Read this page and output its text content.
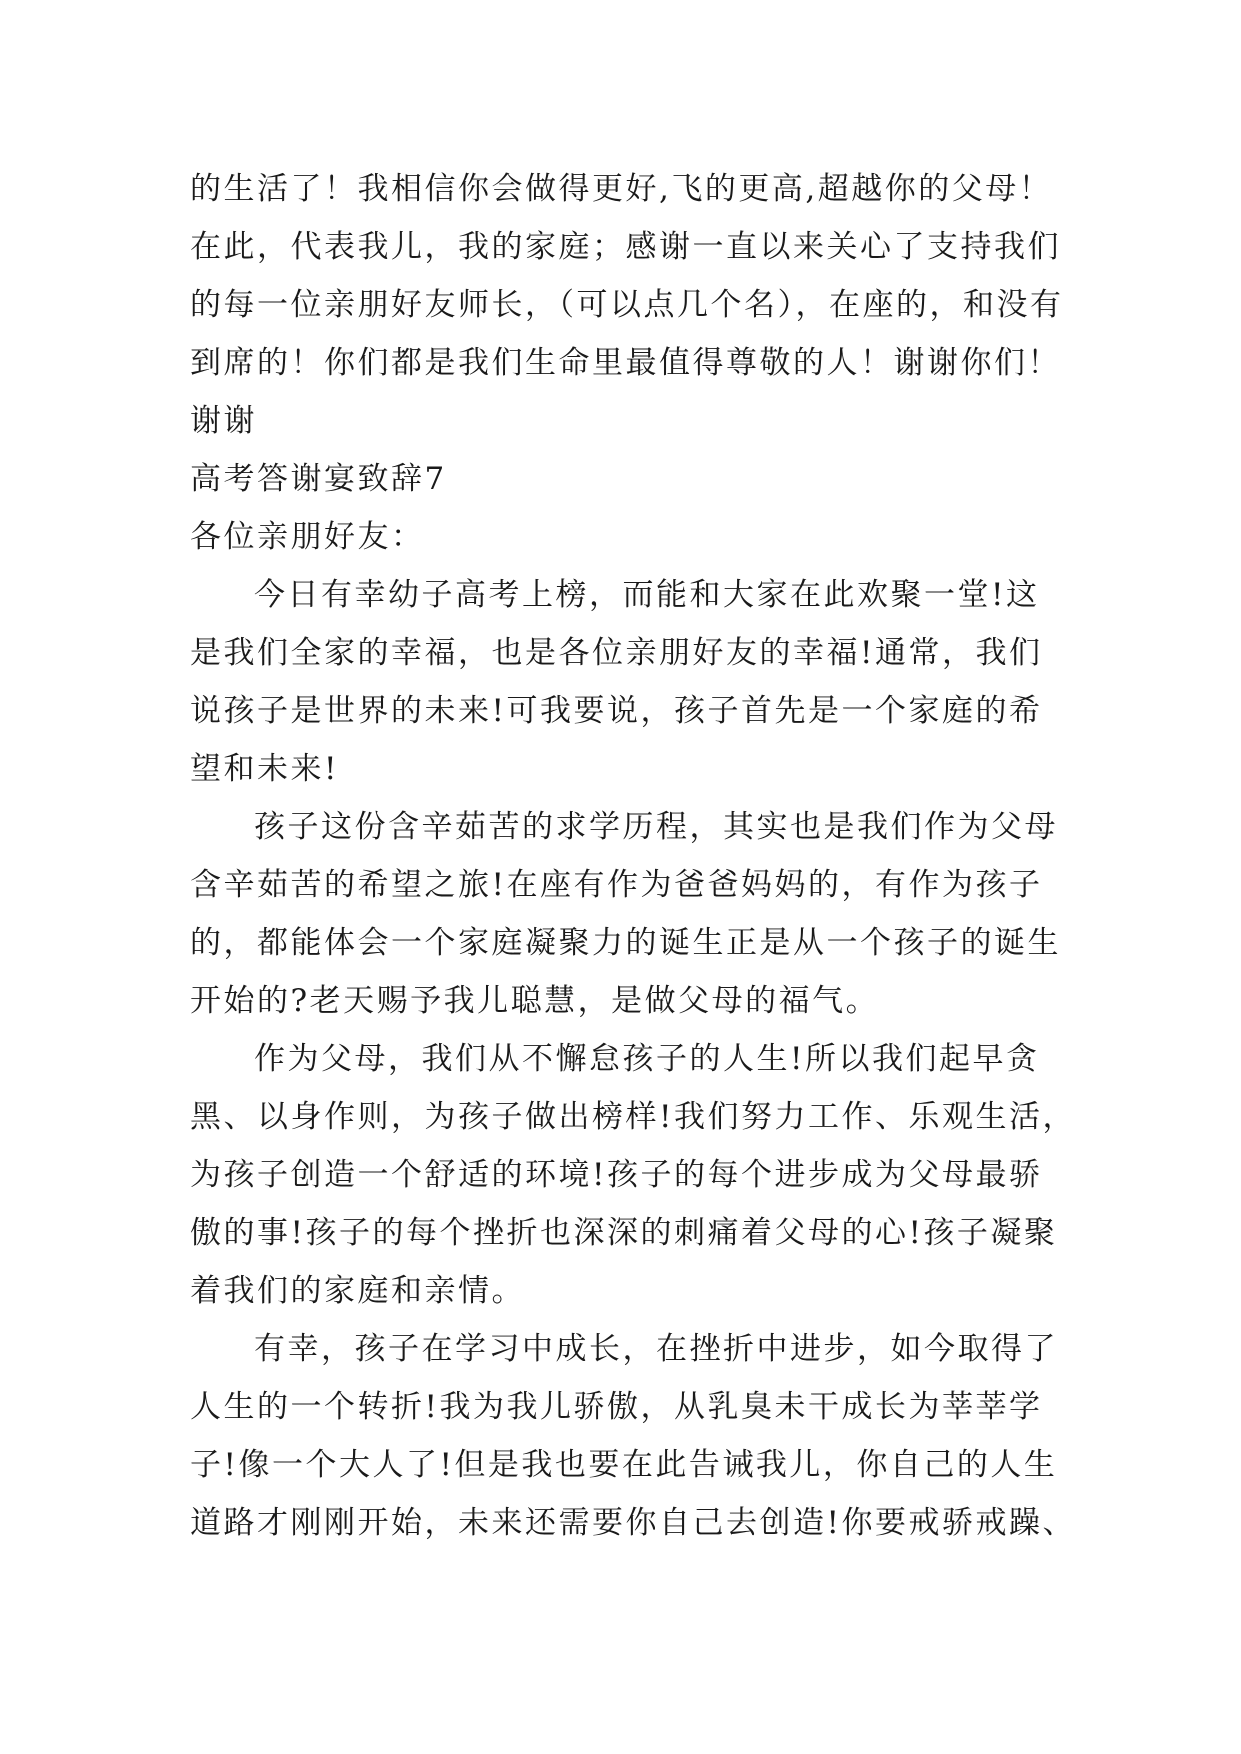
的生活了！我相信你会做得更好,飞的更高,超越你的父母！
在此，代表我儿，我的家庭；感谢一直以来关心了支持我们
的每一位亲朋好友师长，（可以点几个名），在座的，和没有
到席的！你们都是我们生命里最值得尊敬的人！谢谢你们！
谢谢
高考答谢宴致辞7
各位亲朋好友：
今日有幸幼子高考上榜，而能和大家在此欢聚一堂!这
是我们全家的幸福，也是各位亲朋好友的幸福!通常，我们
说孩子是世界的未来!可我要说，孩子首先是一个家庭的希
望和未来!
孩子这份含辛茹苦的求学历程，其实也是我们作为父母
含辛茹苦的希望之旅!在座有作为爸爸妈妈的，有作为孩子
的，都能体会一个家庭凝聚力的诞生正是从一个孩子的诞生
开始的?老天赐予我儿聪慧，是做父母的福气。
作为父母，我们从不懈怠孩子的人生!所以我们起早贪
黑、以身作则，为孩子做出榜样!我们努力工作、乐观生活，
为孩子创造一个舒适的环境!孩子的每个进步成为父母最骄
傲的事!孩子的每个挫折也深深的刺痛着父母的心!孩子凝聚
着我们的家庭和亲情。
有幸，孩子在学习中成长，在挫折中进步，如今取得了
人生的一个转折!我为我儿骄傲，从乳臭未干成长为莘莘学
子!像一个大人了!但是我也要在此告诫我儿，你自己的人生
道路才刚刚开始，未来还需要你自己去创造!你要戒骄戒躁、
